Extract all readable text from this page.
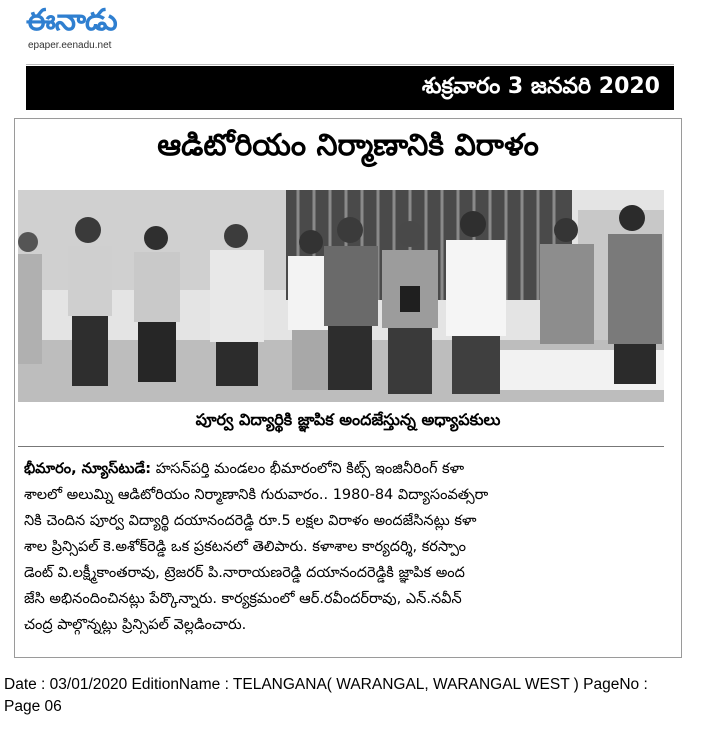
ఈనాడు
epaper.eenadu.net
శుక్రవారం 3 జనవరి 2020
ఆడిటోరియం నిర్మాణానికి విరాళం
పూర్వ విద్యార్థికి జ్ఞాపిక అందజేస్తున్న అధ్యాపకులు
భీమారం, న్యూస్‌టుడే: హసన్‌పర్తి మండలం భీమారంలోని కిట్స్‌ ఇంజినీరింగ్‌ కళా
శాలలో అలుమ్ని ఆడిటోరియం నిర్మాణానికి గురువారం.. 1980-84 విద్యాసంవత్సరా
నికి చెందిన పూర్వ విద్యార్థి దయానందరెడ్డి రూ.5 లక్షల విరాళం అందజేసినట్లు కళా
శాల ప్రిన్సిపల్‌ కె.అశోక్‌రెడ్డి ఒక ప్రకటనలో తెలిపారు. కళాశాల కార్యదర్శి, కరస్పాం
డెంట్‌ వి.లక్ష్మీకాంతరావు, ట్రెజరర్‌ పి.నారాయణరెడ్డి దయానందరెడ్డికి జ్ఞాపిక అంద
జేసి అభినందించినట్లు పేర్కొన్నారు. కార్యక్రమంలో ఆర్‌.రవీందర్‌రావు, ఎన్‌.నవీన్‌
చంద్ర పాల్గొన్నట్లు ప్రిన్సిపల్‌ వెల్లడించారు.
Date : 03/01/2020 EditionName : TELANGANA( WARANGAL, WARANGAL WEST ) PageNo :
Page 06
